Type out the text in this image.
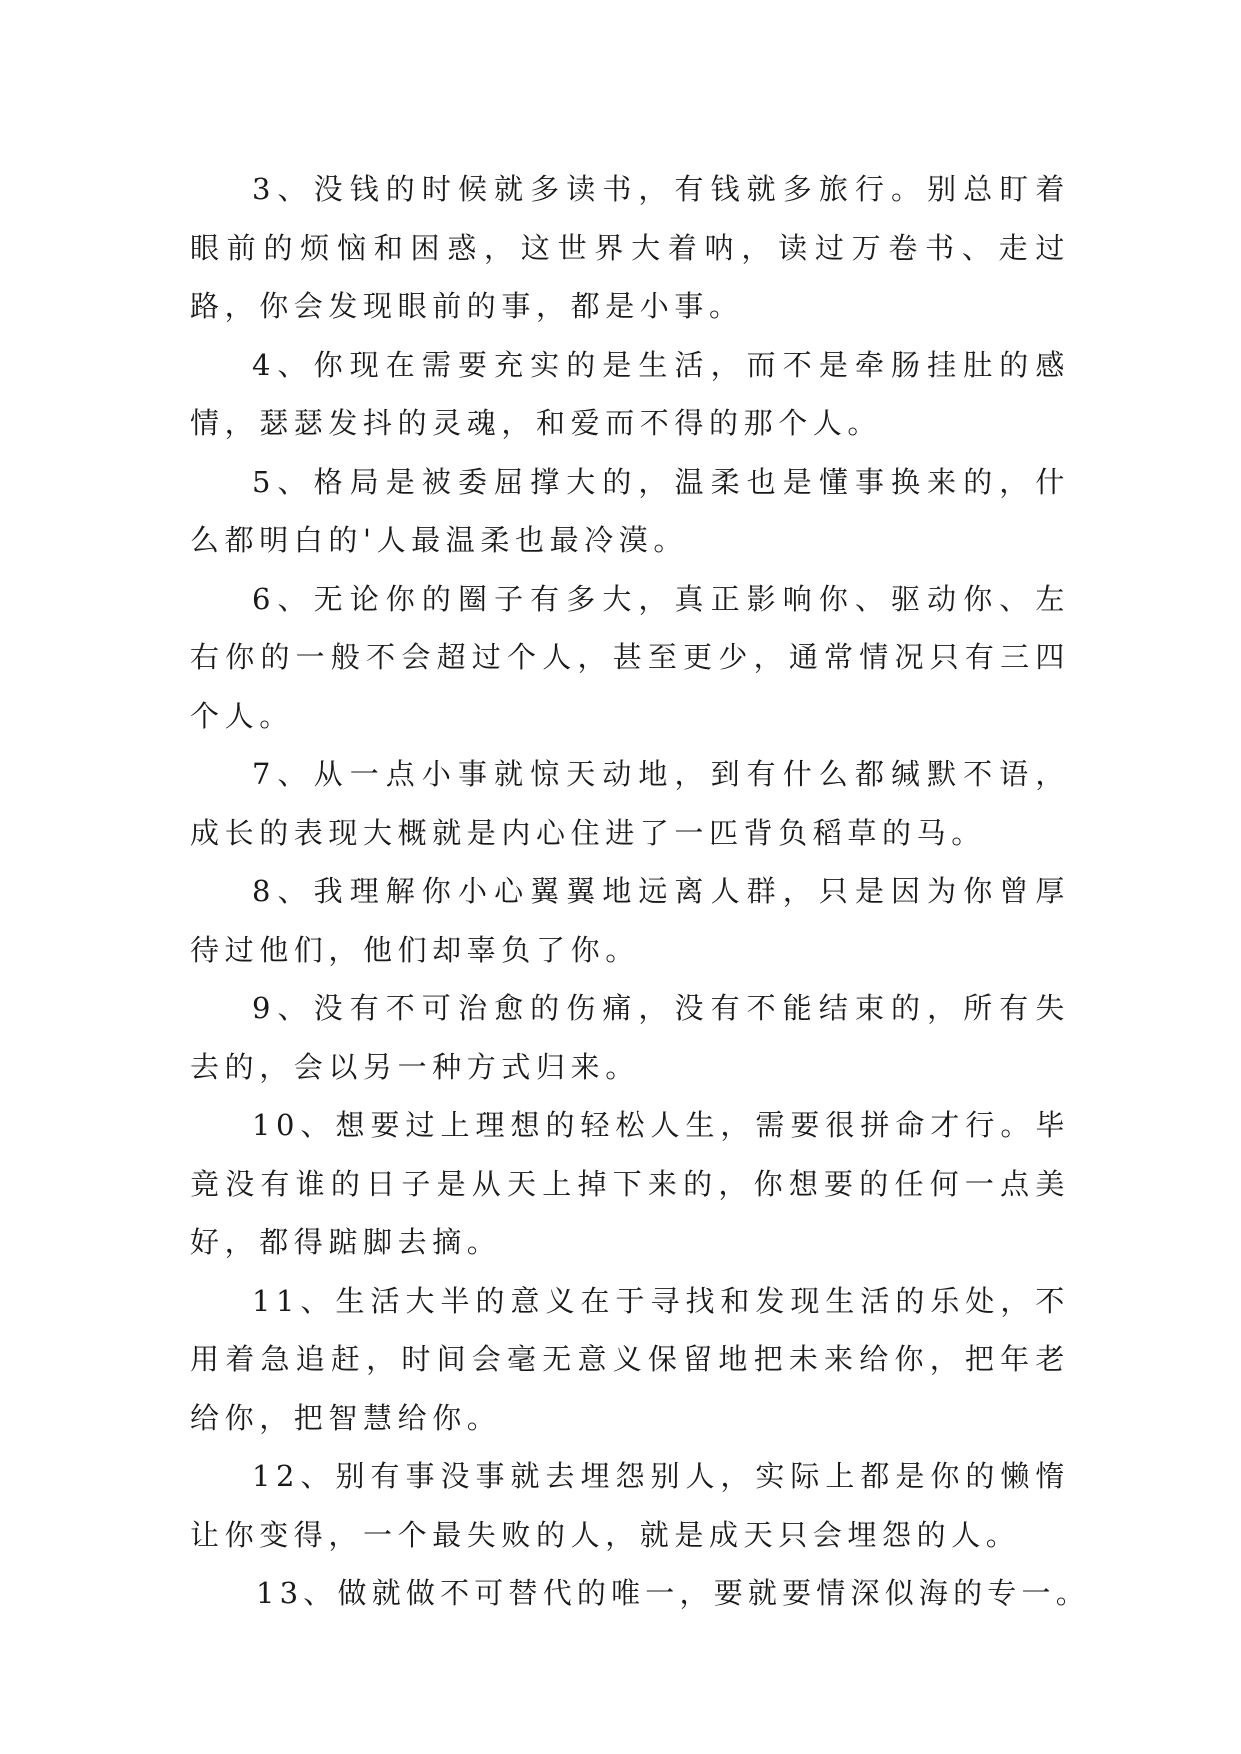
3、没钱的时候就多读书，有钱就多旅行。别总盯着眼前的烦恼和困惑，这世界大着呐，读过万卷书、走过路，你会发现眼前的事，都是小事。

4、你现在需要充实的是生活，而不是牵肠挂肚的感情，瑟瑟发抖的灵魂，和爱而不得的那个人。

5、格局是被委屈撑大的，温柔也是懂事换来的，什么都明白的'人最温柔也最冷漠。

6、无论你的圈子有多大，真正影响你、驱动你、左右你的一般不会超过个人，甚至更少，通常情况只有三四个人。

7、从一点小事就惊天动地，到有什么都缄默不语，成长的表现大概就是内心住进了一匹背负稻草的马。

8、我理解你小心翼翼地远离人群，只是因为你曾厚待过他们，他们却辜负了你。

9、没有不可治愈的伤痛，没有不能结束的，所有失去的，会以另一种方式归来。

10、想要过上理想的轻松人生，需要很拼命才行。毕竟没有谁的日子是从天上掉下来的，你想要的任何一点美好，都得踮脚去摘。

11、生活大半的意义在于寻找和发现生活的乐处，不用着急追赶，时间会毫无意义保留地把未来给你，把年老给你，把智慧给你。

12、别有事没事就去埋怨别人，实际上都是你的懒惰让你变得，一个最失败的人，就是成天只会埋怨的人。

13、做就做不可替代的唯一，要就要情深似海的专一。
